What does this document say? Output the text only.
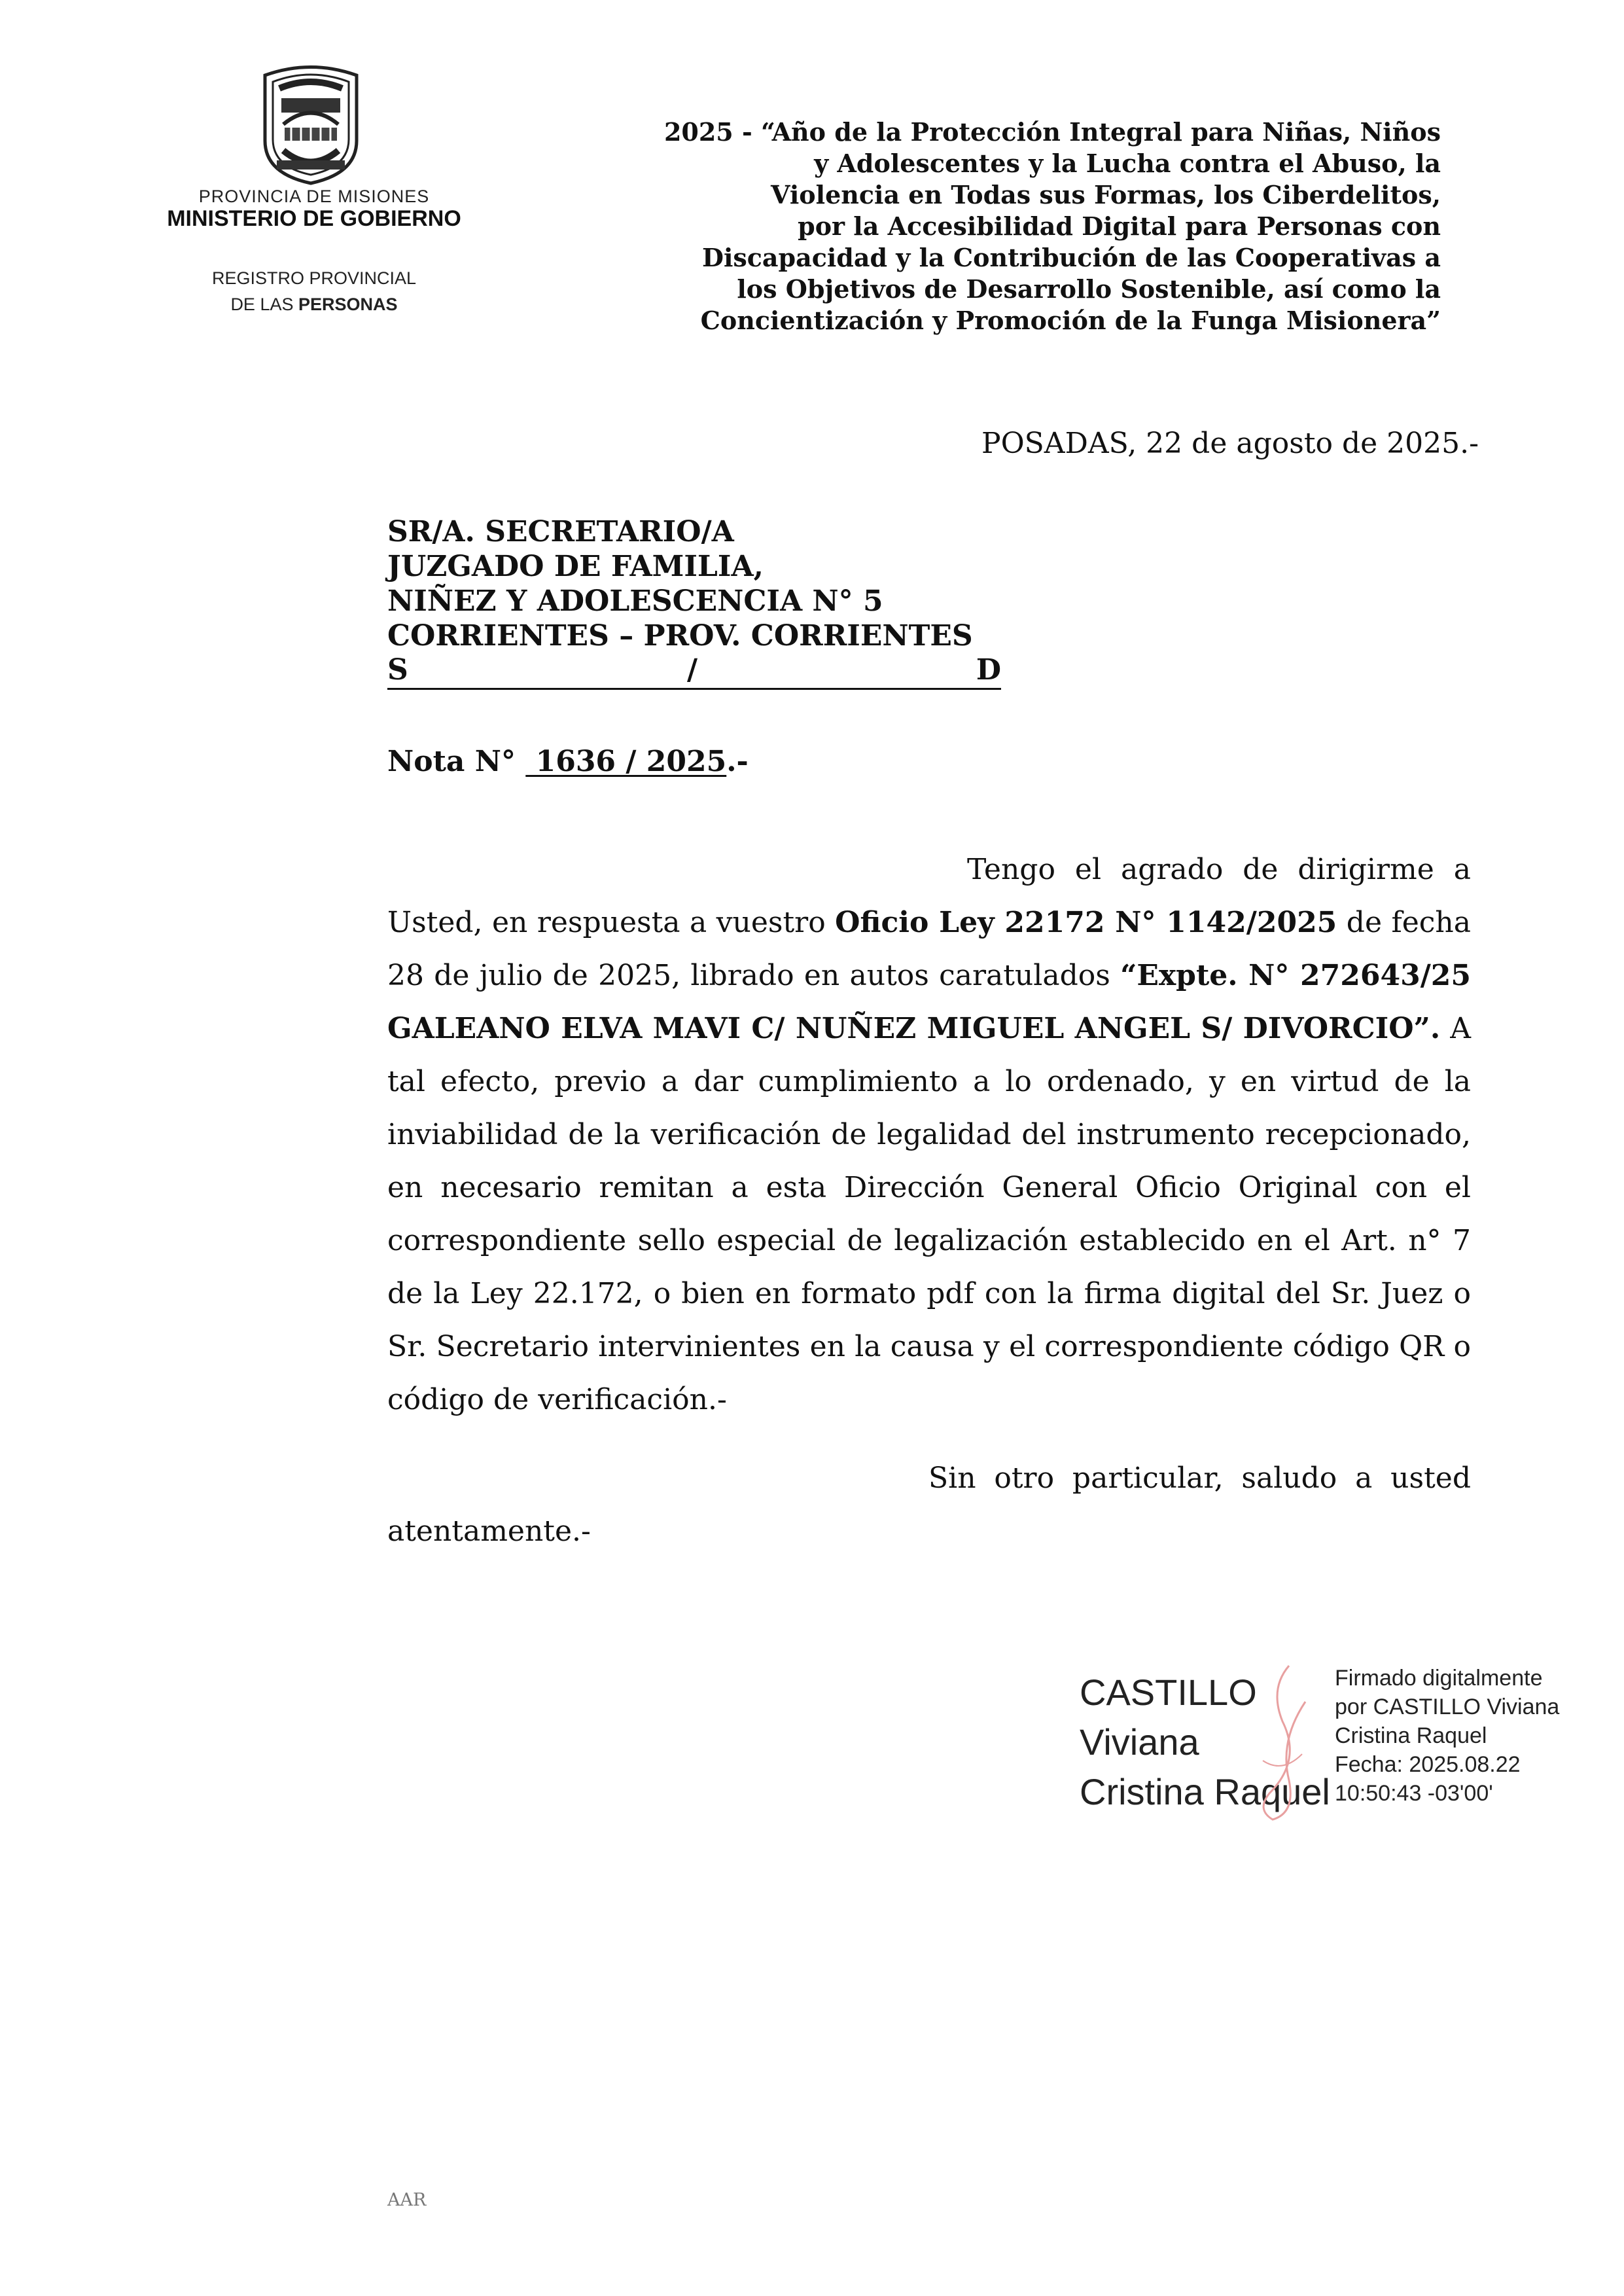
PROVINCIA DE MISIONES
MINISTERIO DE GOBIERNO
REGISTRO PROVINCIAL
DE LAS PERSONAS
2025 - “Año de la Protección Integral para Niñas, Niños
y Adolescentes y la Lucha contra el Abuso, la
Violencia en Todas sus Formas, los Ciberdelitos,
por la Accesibilidad Digital para Personas con
Discapacidad y la Contribución de las Cooperativas a
los Objetivos de Desarrollo Sostenible, así como la
Concientización y Promoción de la Funga Misionera”
POSADAS, 22 de agosto de 2025.-
SR/A. SECRETARIO/A
JUZGADO DE FAMILIA,
NIÑEZ Y ADOLESCENCIA N° 5
CORRIENTES – PROV. CORRIENTES
S	/	D
Nota N°  1636 / 2025.-
Tengo el agrado de dirigirme a Usted, en respuesta a vuestro Oficio Ley 22172 N° 1142/2025 de fecha 28 de julio de 2025, librado en autos caratulados “Expte. N° 272643/25 GALEANO ELVA MAVI C/ NUÑEZ MIGUEL ANGEL S/ DIVORCIO”. A tal efecto, previo a dar cumplimiento a lo ordenado, y en virtud de la inviabilidad de la verificación de legalidad del instrumento recepcionado, en necesario remitan a esta Dirección General Oficio Original con el correspondiente sello especial de legalización establecido en el Art. n° 7 de la Ley 22.172, o bien en formato pdf con la firma digital del Sr. Juez o Sr. Secretario intervinientes en la causa y el correspondiente código QR o código de verificación.-
Sin otro particular, saludo a usted atentamente.-
CASTILLO
Viviana
Cristina Raquel
Firmado digitalmente
por CASTILLO Viviana
Cristina Raquel
Fecha: 2025.08.22
10:50:43 -03'00'
AAR
